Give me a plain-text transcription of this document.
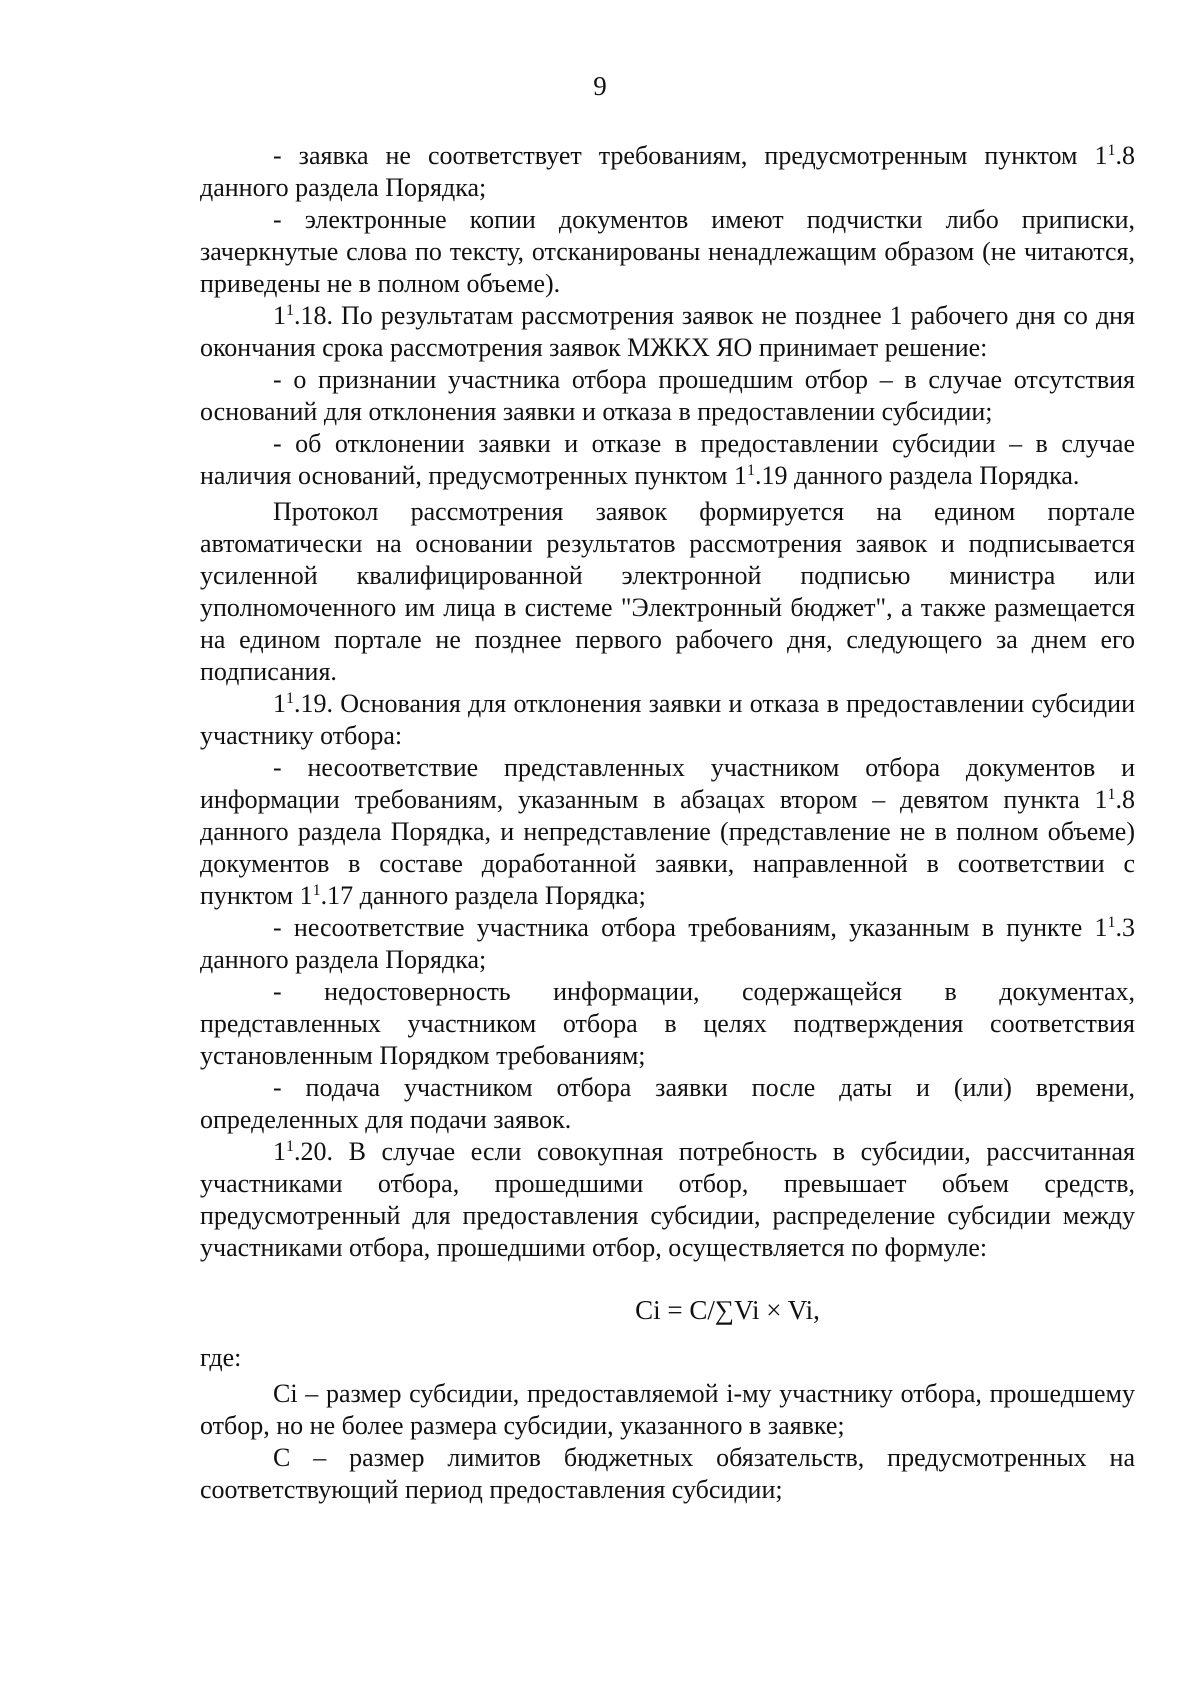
9

- заявка не соответствует требованиям, предусмотренным пунктом $1^1.8$ данного раздела Порядка;

- электронные копии документов имеют подчистки либо приписки, зачеркнутые слова по тексту, отсканированы ненадлежащим образом (не читаются, приведены не в полном объеме).

$1^1.18$. По результатам рассмотрения заявок не позднее 1 рабочего дня со дня окончания срока рассмотрения заявок МЖКХ ЯО принимает решение:

- о признании участника отбора прошедшим отбор – в случае отсутствия оснований для отклонения заявки и отказа в предоставлении субсидии;

- об отклонении заявки и отказе в предоставлении субсидии – в случае наличия оснований, предусмотренных пунктом $1^1.19$ данного раздела Порядка.

Протокол рассмотрения заявок формируется на едином портале автоматически на основании результатов рассмотрения заявок и подписывается усиленной квалифицированной электронной подписью министра или уполномоченного им лица в системе "Электронный бюджет", а также размещается на едином портале не позднее первого рабочего дня, следующего за днем его подписания.

$1^1.19$. Основания для отклонения заявки и отказа в предоставлении субсидии участнику отбора:

- несоответствие представленных участником отбора документов и информации требованиям, указанным в абзацах втором – девятом пункта $1^1.8$ данного раздела Порядка, и непредставление (представление не в полном объеме) документов в составе доработанной заявки, направленной в соответствии с пунктом $1^1.17$ данного раздела Порядка;

- несоответствие участника отбора требованиям, указанным в пункте $1^1.3$ данного раздела Порядка;

- недостоверность информации, содержащейся в документах, представленных участником отбора в целях подтверждения соответствия установленным Порядком требованиям;

- подача участником отбора заявки после даты и (или) времени, определенных для подачи заявок.

$1^1.20$. В случае если совокупная потребность в субсидии, рассчитанная участниками отбора, прошедшими отбор, превышает объем средств, предусмотренный для предоставления субсидии, распределение субсидии между участниками отбора, прошедшими отбор, осуществляется по формуле:

Ci = C/∑Vi × Vi,

где:

Ci – размер субсидии, предоставляемой i-му участнику отбора, прошедшему отбор, но не более размера субсидии, указанного в заявке;

C – размер лимитов бюджетных обязательств, предусмотренных на соответствующий период предоставления субсидии;
